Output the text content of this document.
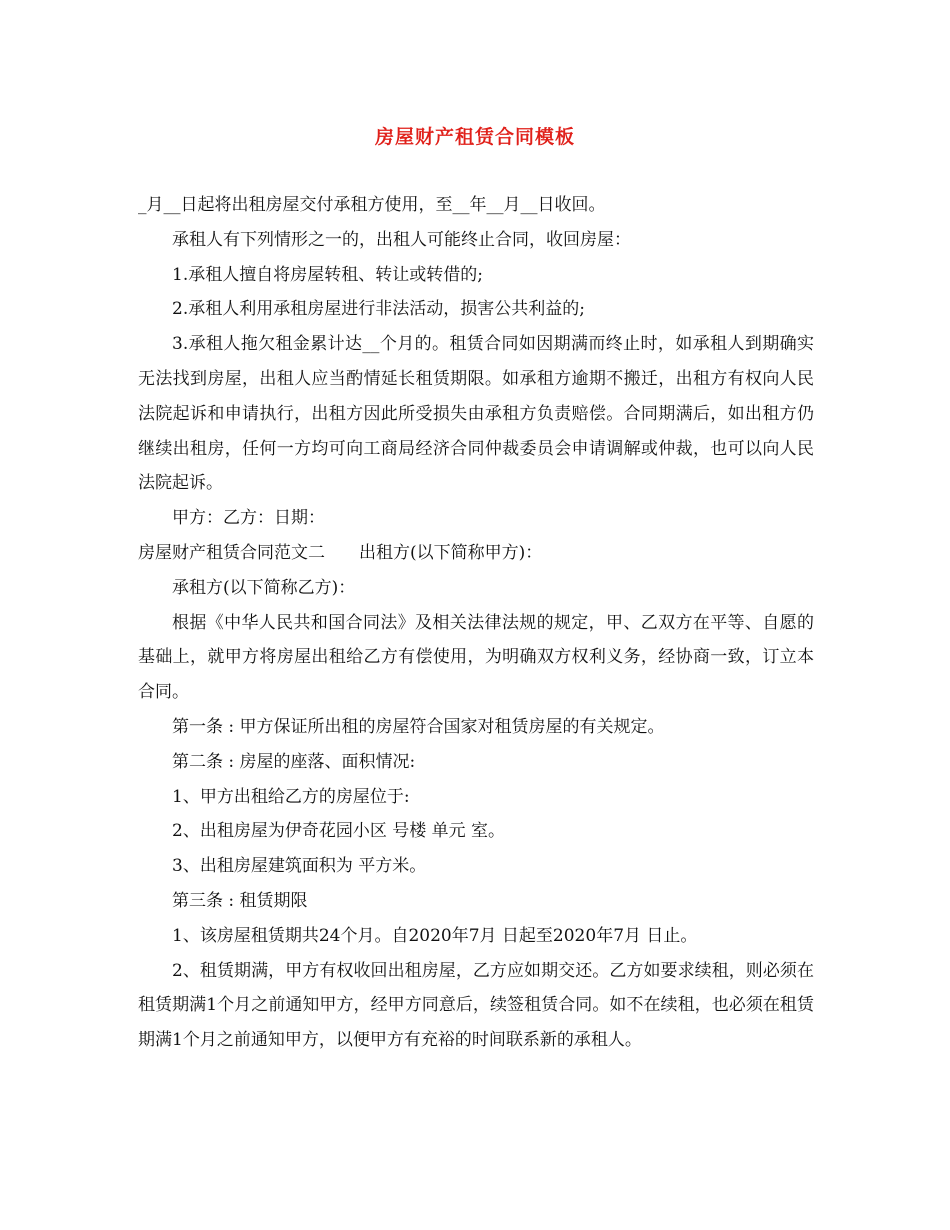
房屋财产租赁合同模板

_月__日起将出租房屋交付承租方使用，至__年__月__日收回。

承租人有下列情形之一的，出租人可能终止合同，收回房屋：

1.承租人擅自将房屋转租、转让或转借的;

2.承租人利用承租房屋进行非法活动，损害公共利益的;

3.承租人拖欠租金累计达__个月的。租赁合同如因期满而终止时，如承租人到期确实无法找到房屋，出租人应当酌情延长租赁期限。如承租方逾期不搬迁，出租方有权向人民法院起诉和申请执行，出租方因此所受损失由承租方负责赔偿。合同期满后，如出租方仍继续出租房，任何一方均可向工商局经济合同仲裁委员会申请调解或仲裁，也可以向人民法院起诉。

甲方：乙方：日期：

房屋财产租赁合同范文二 出租方(以下简称甲方)：

承租方(以下简称乙方)：

根据《中华人民共和国合同法》及相关法律法规的规定，甲、乙双方在平等、自愿的基础上，就甲方将房屋出租给乙方有偿使用，为明确双方权利义务，经协商一致，订立本合同。

第一条 : 甲方保证所出租的房屋符合国家对租赁房屋的有关规定。

第二条 : 房屋的座落、面积情况:

1、甲方出租给乙方的房屋位于:

2、出租房屋为伊奇花园小区 号楼 单元 室。

3、出租房屋建筑面积为 平方米。

第三条 : 租赁期限

1、该房屋租赁期共24个月。自2020年7月 日起至2020年7月 日止。

2、租赁期满，甲方有权收回出租房屋，乙方应如期交还。乙方如要求续租，则必须在租赁期满1个月之前通知甲方，经甲方同意后，续签租赁合同。如不在续租，也必须在租赁期满1个月之前通知甲方，以便甲方有充裕的时间联系新的承租人。
